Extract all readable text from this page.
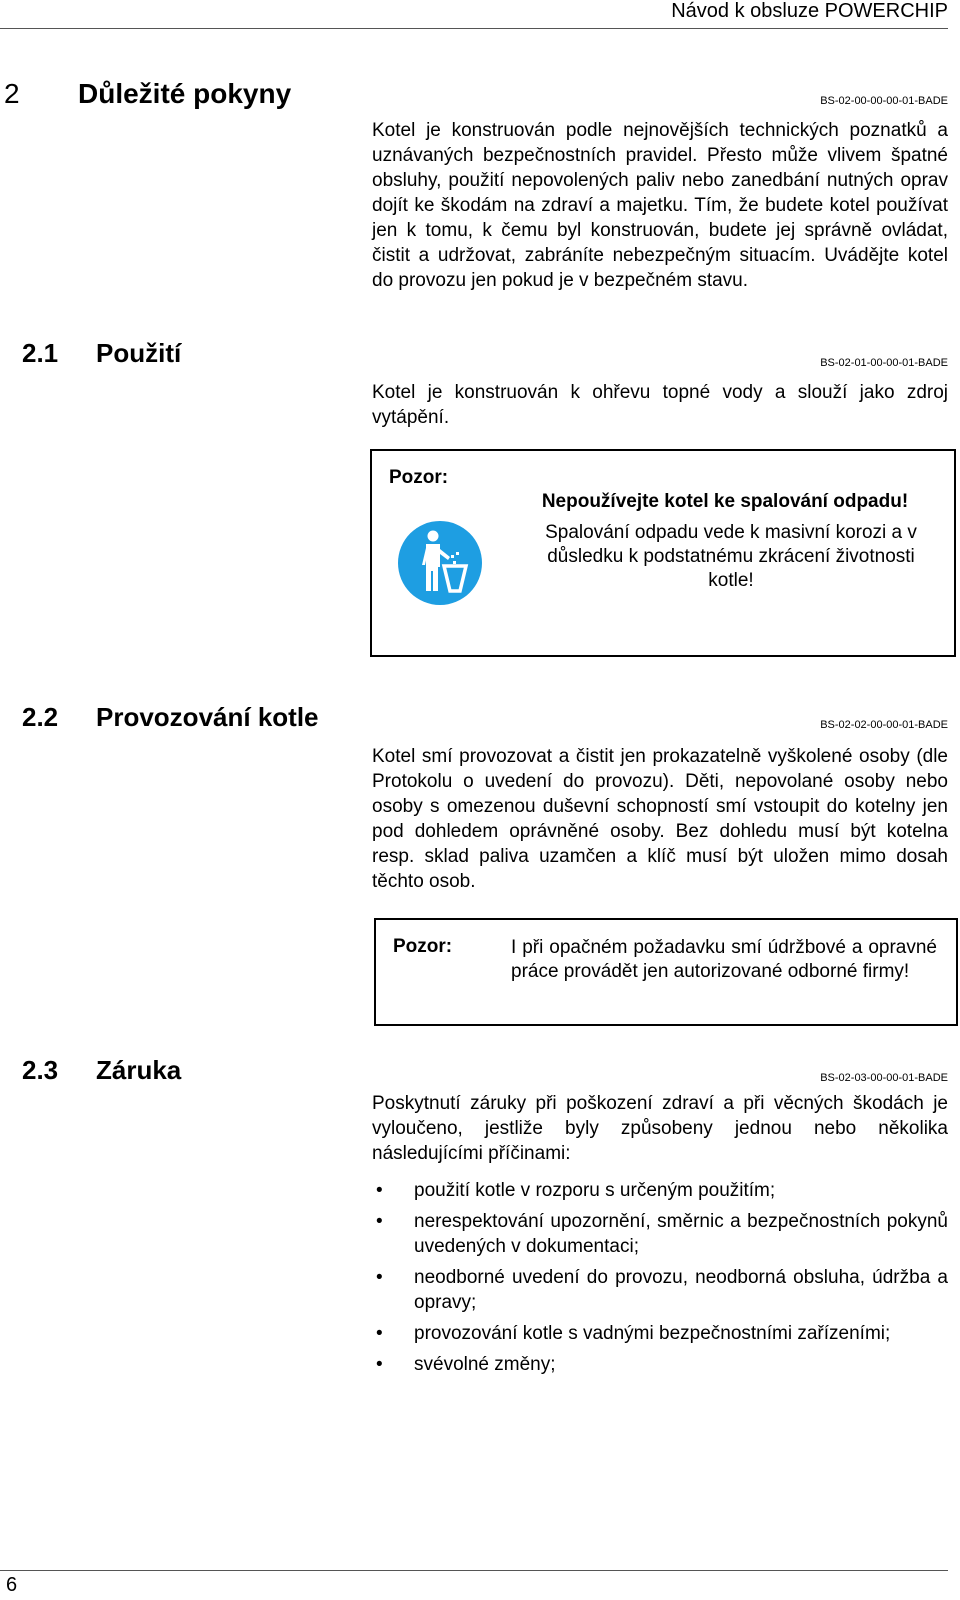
Návod k obsluze POWERCHIP
2 Důležité pokyny	BS-02-00-00-00-01-BADE
Kotel je konstruován podle nejnovějších technických poznatků a uznávaných bezpečnostních pravidel. Přesto může vlivem špatné obsluhy, použití nepovolených paliv nebo zanedbání nutných oprav dojít ke škodám na zdraví a majetku. Tím, že budete kotel používat jen k tomu, k čemu byl konstruován, budete jej správně ovládat, čistit a udržovat, zabráníte nebezpečným situacím. Uvádějte kotel do provozu jen pokud je v bezpečném stavu.
2.1 Použití	BS-02-01-00-00-01-BADE
Kotel je konstruován k ohřevu topné vody a slouží jako zdroj vytápění.
Pozor:
Nepoužívejte kotel ke spalování odpadu!
Spalování odpadu vede k masivní korozi a v důsledku k podstatnému zkrácení životnosti kotle!
2.2 Provozování kotle	BS-02-02-00-00-01-BADE
Kotel smí provozovat a čistit jen prokazatelně vyškolené osoby (dle Protokolu o uvedení do provozu). Děti, nepovolané osoby nebo osoby s omezenou duševní schopností smí vstoupit do kotelny jen pod dohledem oprávněné osoby. Bez dohledu musí být kotelna resp. sklad paliva uzamčen a klíč musí být uložen mimo dosah těchto osob.
Pozor:	I při opačném požadavku smí údržbové a opravné práce provádět jen autorizované odborné firmy!
2.3 Záruka	BS-02-03-00-00-01-BADE
Poskytnutí záruky při poškození zdraví a při věcných škodách je vyloučeno, jestliže byly způsobeny jednou nebo několika následujícími příčinami:
• použití kotle v rozporu s určeným použitím;
• nerespektování upozornění, směrnic a bezpečnostních pokynů uvedených v dokumentaci;
• neodborné uvedení do provozu, neodborná obsluha, údržba a opravy;
• provozování kotle s vadnými bezpečnostními zařízeními;
• svévolné změny;
6
